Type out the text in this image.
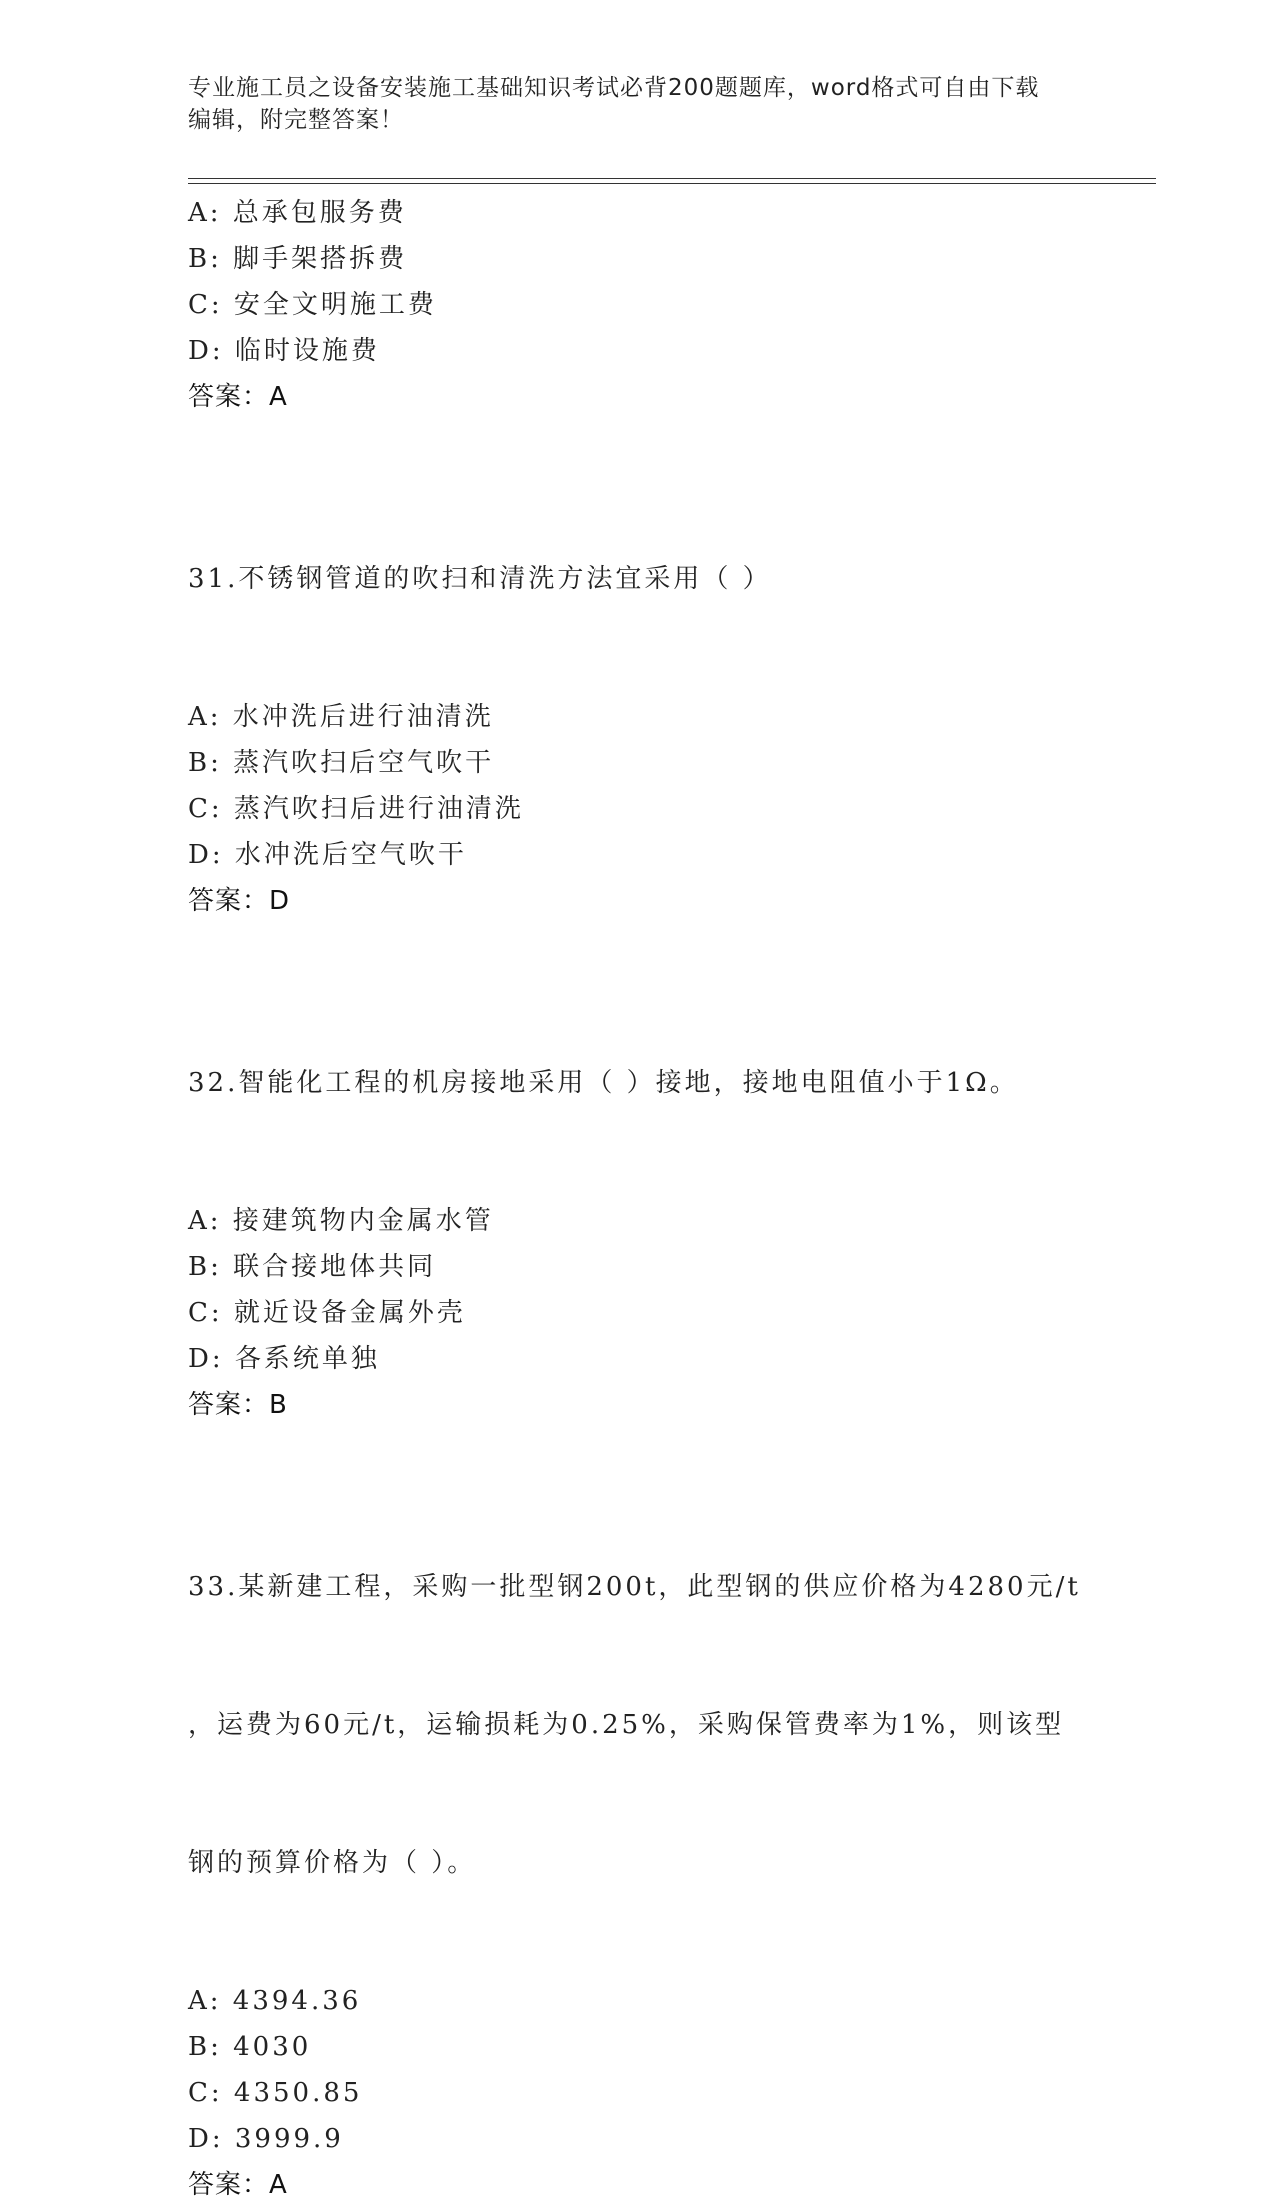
专业施工员之设备安装施工基础知识考试必背200题题库，word格式可自由下载
编辑，附完整答案！
A: 总承包服务费
B: 脚手架搭拆费
C: 安全文明施工费
D: 临时设施费
答案：A

31.不锈钢管道的吹扫和清洗方法宜采用（ ）

A: 水冲洗后进行油清洗
B: 蒸汽吹扫后空气吹干
C: 蒸汽吹扫后进行油清洗
D: 水冲洗后空气吹干
答案：D

32.智能化工程的机房接地采用（ ）接地，接地电阻值小于1Ω。

A: 接建筑物内金属水管
B: 联合接地体共同
C: 就近设备金属外壳
D: 各系统单独
答案：B

33.某新建工程，采购一批型钢200t，此型钢的供应价格为4280元/t

，运费为60元/t，运输损耗为0.25%，采购保管费率为1%，则该型

钢的预算价格为（ ）。

A: 4394.36
B: 4030
C: 4350.85
D: 3999.9
答案：A
